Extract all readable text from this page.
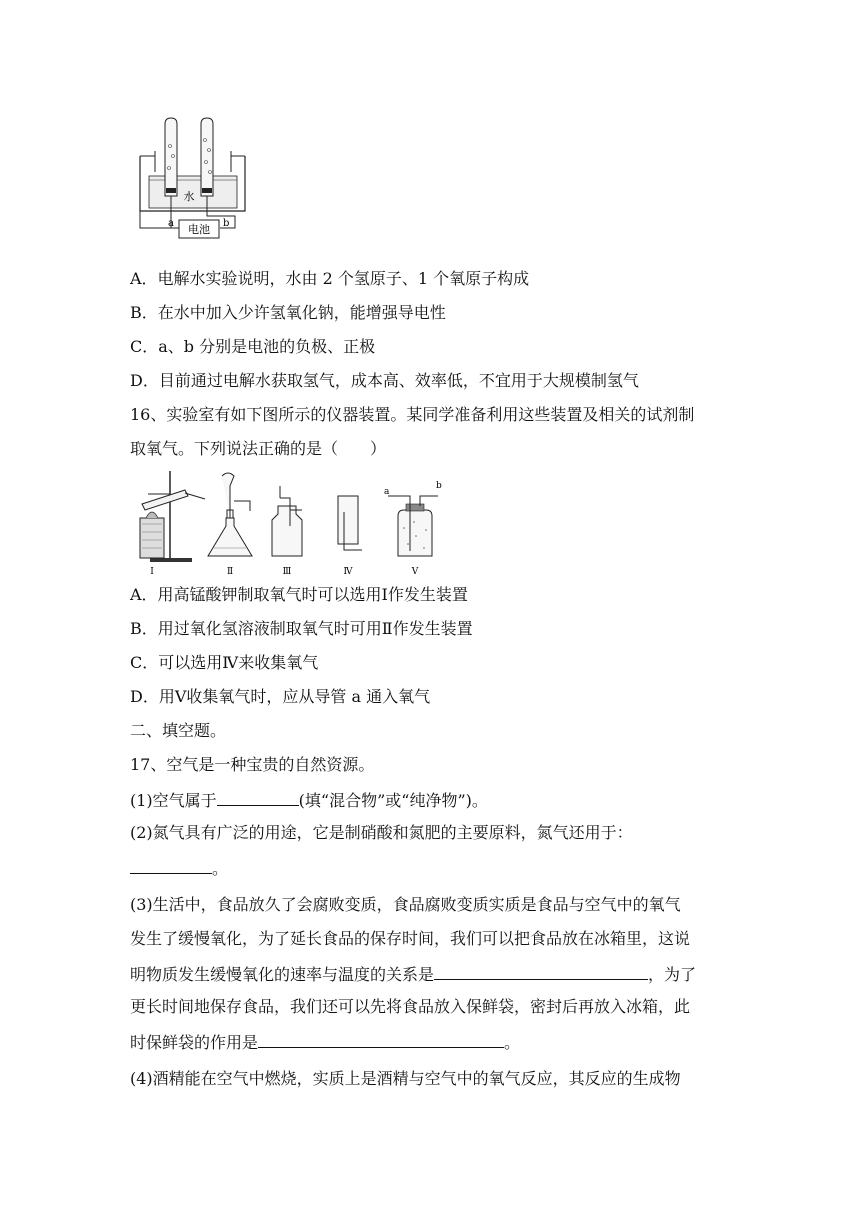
电池
水
a	b
A．电解水实验说明，水由 2 个氢原子、1 个氧原子构成
B．在水中加入少许氢氧化钠，能增强导电性
C．a、b 分别是电池的负极、正极
D．目前通过电解水获取氢气，成本高、效率低，不宜用于大规模制氢气
16、实验室有如下图所示的仪器装置。某同学准备利用这些装置及相关的试剂制
取氧气。下列说法正确的是（　　）
Ⅰ	Ⅱ	Ⅲ	Ⅳ
a
b
Ⅴ
A．用高锰酸钾制取氧气时可以选用Ⅰ作发生装置
B．用过氧化氢溶液制取氧气时可用Ⅱ作发生装置
C．可以选用Ⅳ来收集氧气
D．用Ⅴ收集氧气时，应从导管 a 通入氧气
二、填空题。
17、空气是一种宝贵的自然资源。
(1)空气属于	(填“混合物”或“纯净物”)。
(2)氮气具有广泛的用途，它是制硝酸和氮肥的主要原料，氮气还用于：
。
(3)生活中，食品放久了会腐败变质，食品腐败变质实质是食品与空气中的氧气
发生了缓慢氧化，为了延长食品的保存时间，我们可以把食品放在冰箱里，这说
明物质发生缓慢氧化的速率与温度的关系是	，为了
更长时间地保存食品，我们还可以先将食品放入保鲜袋，密封后再放入冰箱，此
时保鲜袋的作用是	。
(4)酒精能在空气中燃烧，实质上是酒精与空气中的氧气反应，其反应的生成物
